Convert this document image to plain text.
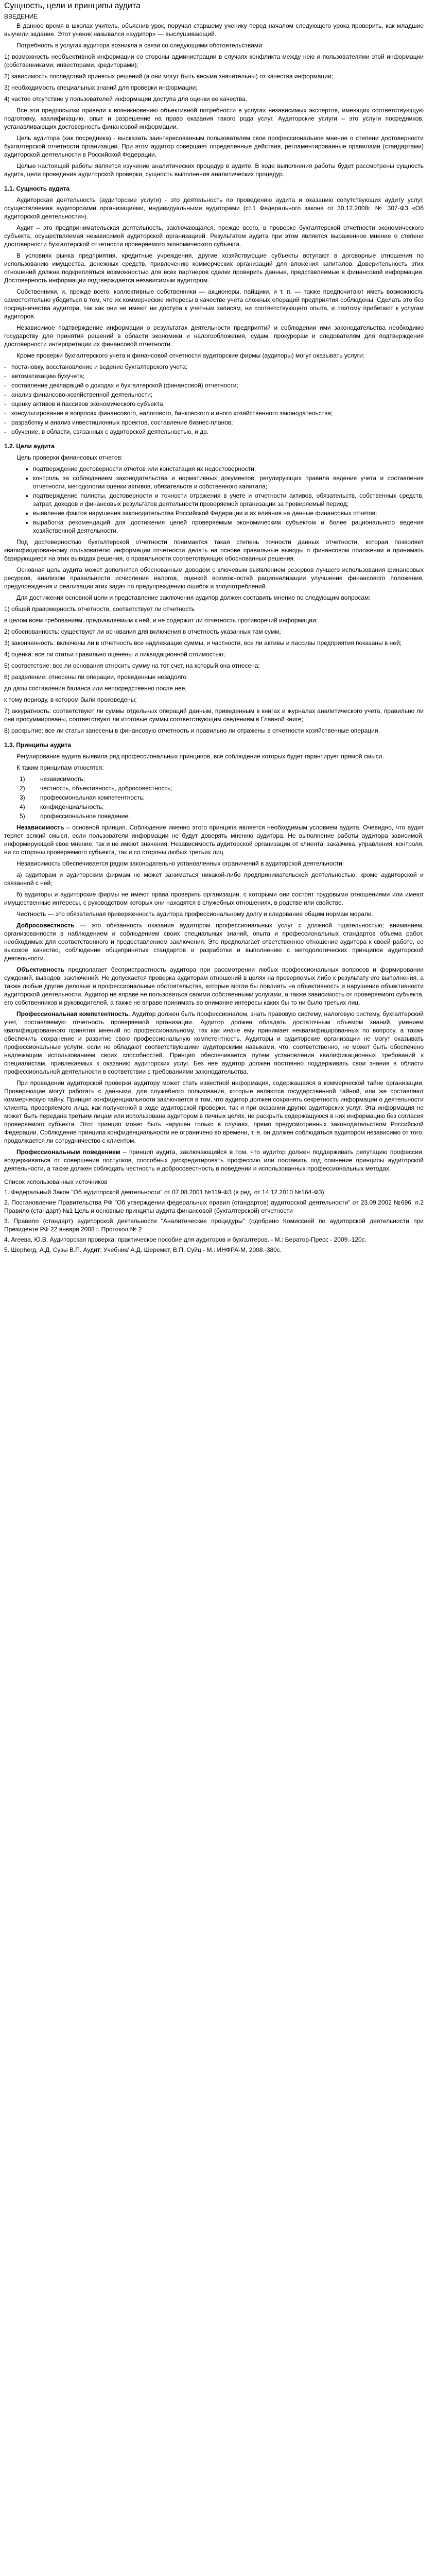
Сущность, цели и принципы аудита
ВВЕДЕНИЕ

В данное время в школах учитель, объяснив урок, поручал старшему ученику перед началом следующего урока проверить, как младшие выучили задание. Этот ученик назывался «аудитор» — выслушивающий.

Потребность в услугах аудитора возникла в связи со следующими обстоятельствами:

1) возможность необъективной информации со стороны администрации в случаях конфликта между нею и пользователями этой информации (собственниками, инвесторами, кредиторами);

2) зависимость последствий принятых решений (а они могут быть весьма значительны) от качества информации;

3) необходимость специальных знаний для проверки информации;

4) частое отсутствие у пользователей информации доступа для оценки ее качества.

Все эти предпосылки привели к возникновению объективной потребности в услугах независимых экспертов, имеющих соответствующую подготовку, квалификацию, опыт и разрешение на право оказания такого рода услуг. Аудиторские услуги – это услуги посредников, устанавливающих достоверность финансовой информации.

Цель аудитора (как посредника) - высказать заинтересованным пользователям свое профессиональное мнение о степени достоверности бухгалтерской отчетности организации. При этом аудитор совершает определенные действия, регламентированные правилами (стандартами) аудиторской деятельности в Российской Федерации.

Целью настоящей работы является изучение аналитических процедур в аудите. В ходе выполнения работы будет рассмотрены сущность аудита, цели проведения аудиторской проверки, сущность выполнения аналитических процедур.

1.1. Сущность аудита

Аудиторская деятельность (аудиторские услуги) - это деятельность по проведению аудита и оказанию сопутствующих аудиту услуг, осуществляемая аудиторскими организациями, индивидуальными аудиторами (ст.1 Федерального закона от 30.12.2008г. № 307-ФЗ «Об аудиторской деятельности»).

Аудит – это предпринимательская деятельность, заключающаяся, прежде всего, в проверке бухгалтерской отчетности экономического субъекта, осуществляемая независимой аудиторской организацией. Результатом аудита при этом является выраженное мнение о степени достоверности бухгалтерской отчетности проверяемого экономического субъекта.

В условиях рынка предприятия, кредитные учреждения, другие хозяйствующие субъекты вступают в договорные отношения по использованию имущества, денежных средств, привлечению коммерческих организаций для вложения капиталов. Доверительность этих отношений должна подкрепляться возможностью для всех партнеров сделки проверить данные, представляемые в финансовой информации. Достоверность информации подтверждается независимым аудитором.

Собственники, и, прежде всего, коллективные собственники — акционеры, пайщики, и т. п. — также предпочитают иметь возможность самостоятельно убедиться в том, что их коммерческие интересы в качестве учета сложных операций предприятия соблюдены. Сделать это без посредничества аудитора, так как они не имеют ни доступа к учетным записям, ни соответствующего опыта, и поэтому прибегают к услугам аудиторов.

Независимое подтверждение информации о результатах деятельности предприятий и соблюдении ими законодательства необходимо государству для принятия решений в области экономики и налогообложения, судам, прокурорам и следователям для подтверждения достоверности интерпретации их финансовой отчетности.

Кроме проверки бухгалтерского учета и финансовой отчетности аудиторские фирмы (аудиторы) могут оказывать услуги:

- постановку, восстановление и ведение бухгалтерского учета;
- автоматизацию бухучета;
- составление деклараций о доходах и бухгалтерской (финансовой) отчетности;
- анализ финансово-хозяйственной деятельности;
- оценку активов и пассивов экономического субъекта;
- консультирование в вопросах финансового, налогового, банковского и иного хозяйственного законодательства;
- разработку и анализ инвестиционных проектов, составление бизнес-планов;
- обучение, в области, связанных с аудиторской деятельностью, и др.
1.2. Цели аудита

Цель проверки финансовых отчетов:

• подтверждение достоверности отчетов или констатация их недостоверности;
• контроль за соблюдением законодательства и нормативных документов, регулирующих правила ведения учета и составления отчетности, методологии оценки активов, обязательств и собственного капитала;
• подтверждение полноты, достоверности и точности отражения в учете и отчетности активов, обязательств, собственных средств, затрат, доходов и финансовых результатов деятельности проверяемой организации за проверяемый период;
• выявление фактов нарушения законодательства Российской Федерации и их влияния на данные финансовых отчетов;
• выработка рекомендаций для достижения целей проверяемым экономическим субъектом и более рационального ведения хозяйственной деятельности.

Под достоверностью бухгалтерской отчетности понимается такая степень точности данных отчетности, которая позволяет квалифицированному пользователю информации отчетности делать на основе правильные выводы о финансовом положении и принимать базирующиеся на этих выводах решения, о правильности соответствующих обоснованных решения.

Основная цель аудита может дополнятся обоснованным доводом с ключевым выявлением резервов лучшего использования финансовых ресурсов, анализом правильности исчисления налогов, оценкой возможностей рационализации улучшение финансового положения, предупреждения и реализации этих задач по предупреждению ошибок и злоупотреблений.

Для достижения основной цели и представление заключения аудитор должен составить мнение по следующим вопросам:

1) общей правомерность отчетности, соответствует ли отчетность

в целом всем требованиям, предъявляемым к ней, и не содержит ли отчетность противоречий информации;

2) обоснованность: существуют ли основания для включения в отчетность указанных там сумм;

3) законченность: включены ли в отчетность все надлежащие суммы, и частности, все ли активы и пассивы предприятия показаны в ней;

4) оценка: все ли статьи правильно оценены и ликвидационной стоимостью;

5) соответствие: все ли основания относить сумму на тот счет, на который она отнесена;

6) разделение: отнесены ли операции, проведенные незадолго

до даты составления баланса или непосредственно после нее,

к тому периоду, в котором были произведены;

7) аккуратность: соответствуют ли суммы отдельных операций данным, приведенным в книгах и журналах аналитического учета, правильно ли они просуммированы, соответствуют ли итоговые суммы соответствующим сведениям в Главной книге;

8) раскрытие: все ли статьи занесены в финансовую отчетность и правильно ли отражены в отчетности хозяйственные операции.

1.3. Принципы аудита

Регулирование аудита выявила ряд профессиональных принципов, все соблюдение которых будет гарантирует прямой смысл.

К таким принципам относятся:

1) независимость;
2) честность, объективность, добросовестность;
3) профессиональная компетентность;
4) конфиденциальность;
5) профессиональное поведение.

Независимость – основной принцип. Соблюдение именно этого принципа является необходимым условием аудита. Очевидно, что аудит теряет всякий смысл, если пользователи информации не будут доверять мнению аудитора. Не выполнение работы аудитора зависимой, информирующей свое мнение, так и не имеют значения. Независимость аудиторской организации от клиента, заказчика, управления, контроля, ни со стороны проверяемого субъекта, так и со стороны любых третьих лиц.

Независимость обеспечивается рядом законодательно установленных ограничений в аудиторской деятельности:

а) аудиторам и аудиторским фирмам не может заниматься никакой-либо предпринимательской деятельностью, кроме аудиторской и связанной с ней;

б) аудиторы и аудиторские фирмы не имеют права проверить организации, с которыми они состоят трудовыми отношениями или имеют имущественные интересы, с руководством которых они находятся в служебных отношениях, в родстве или свойстве.

Честность — это обязательная приверженность аудитора профессиональному долгу и следование общим нормам морали.

Добросовестность — это обязанность оказания аудитором профессиональных услуг с должной тщательностью; вниманием, организованности в наблюдением и соблюдением своих специальных знаний, опыта и профессиональных стандартов объема работ, необходимых для соответственного и предоставлением заключения. Это предполагает ответственное отношение аудитора к своей работе, ее высокое качество, соблюдение общепринятых стандартов и разработки и выполнению с методологических принципов аудиторской деятельности.

Объективность предполагает беспристрастность аудитора при рассмотрении любых профессиональных вопросов и формировании суждений, выводов, заключений. Не допускается проверка аудиторам отношений в целях на проверяемых либо к результату его выполнения, а также любые другие деловые и профессиональные обстоятельства, которые могли бы повлиять на объективность и нарушение объективности аудиторской деятельности. Аудитор не вправе не пользоваться своими собственными услугами, а также зависимость от проверяемого субъекта, его собственников и руководителей, а также не вправе принимать во внимание интересы каких бы то ни было третьих лиц.

Профессиональная компетентность. Аудитор должен быть профессионалом, знать правовую систему, налоговую систему, бухгалтерский учет, составляемую отчетность проверяемой организации. Аудитор должен обладать достаточным объемом знаний, умением квалифицированного принятия мнений по профессиональному, так как иначе ему принимает неквалифицированных по вопросу, а также обеспечить сохранение и развитие свою профессиональную компетентность. Аудиторы и аудиторские организации не могут оказывать профессиональные услуги, если не обладают соответствующими аудиторскими навыками, что, соответственно, не может быть обеспечено надлежащим использованием своих способностей. Принцип обеспечивается путем установления квалификационных требований к специалистам, привлекаемых к оказанию аудиторских услуг. Без нее аудитор должен постоянно поддерживать свои знания в области профессиональной деятельности в соответствии с требованиями законодательства.

При проведении аудиторской проверки аудитору может стать известной информация, содержащаяся в коммерческой тайне организации. Проверяющие могут работать с данными, для служебного пользования, которые являются государственной тайной, или же составляют коммерческую тайну. Принцип конфиденциальности заключается в том, что аудитор должен сохранять секретность информации о деятельности клиента, проверяемого лица, как полученной в ходе аудиторской проверки, так и при оказании других аудиторских услуг. Эта информация не может быть передана третьим лицам или использована аудитором в личных целях, не раскрыть содержащуюся в них информацию без согласия проверяемого субъекта. Этот принцип может быть нарушен только в случаях, прямо предусмотренных законодательством Российской Федерации. Соблюдение принципа конфиденциальности не ограничено во времени, т. е. он должен соблюдаться аудитором независимо от того, продолжается ли сотрудничество с клиентом.

Профессиональным поведением – принцип аудита, заключающийся в том, что аудитор должен поддерживать репутацию профессии, воздерживаться от совершения поступков, способных дискредитировать профессию или поставить под сомнение принципы аудиторской деятельности, а также должен соблюдать честность и добросовестность в поведении и использованных профессиональных методах.

Список использованных источников
1. Федеральный Закон "Об аудиторской деятельности" от 07.08.2001 №119-ФЗ (в ред. от 14.12.2010 №164-ФЗ)
2. Постановление Правительства РФ "Об утверждении федеральных правил (стандартов) аудиторской деятельности" от 23.09.2002 №696. п.2 Правило (стандарт) №1 Цель и основные принципы аудита финансовой (бухгалтерской) отчетности
3. Правило (стандарт) аудиторской деятельности "Аналитические процедуры" (одобрено Комиссией по аудиторской деятельности при Президенте РФ 22 января 2008 г. Протокол № 2
4. Агеева, Ю.В. Аудиторская проверка: практическое пособие для аудиторов и бухгалтеров. - М.: Бератор-Пресс - 2009.-120с.
5. Шерherд, А.Д. Сузы В.П. Аудит: Учебник/ А.Д. Шеремет, В.П. Суйц.- М.: ИНФРА-М, 2008.-380с.
